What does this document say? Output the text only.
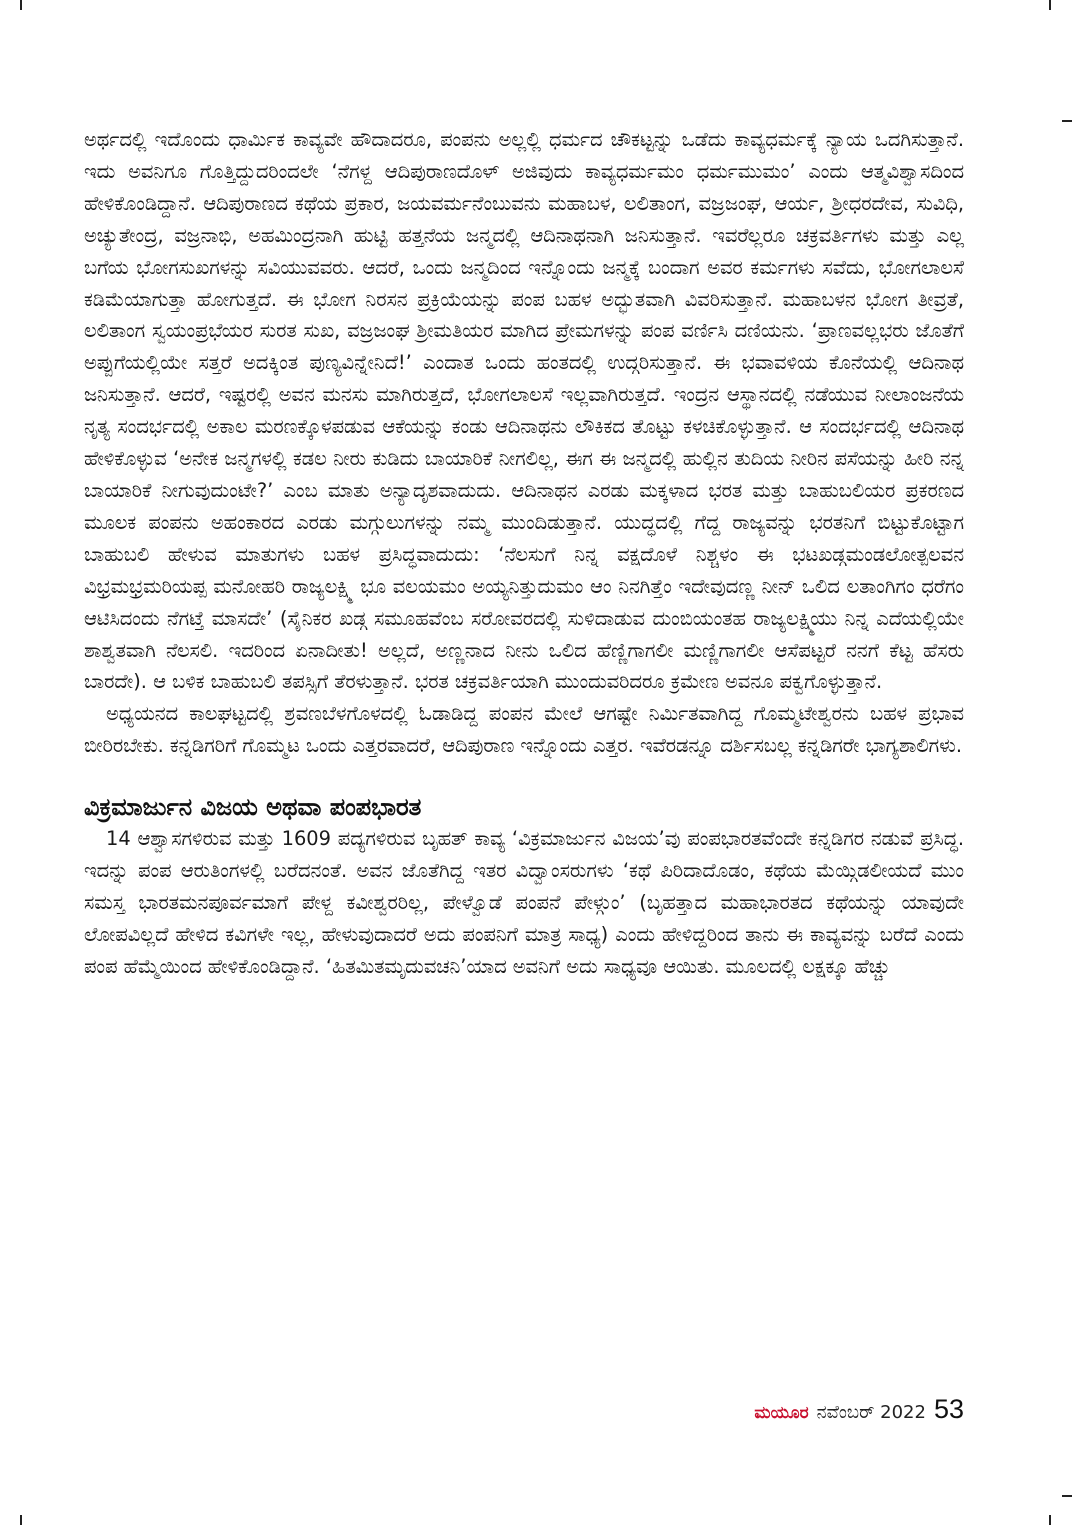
ಅರ್ಥದಲ್ಲಿ ಇದೊಂದು ಧಾರ್ಮಿಕ ಕಾವ್ಯವೇ ಹೌದಾದರೂ, ಪಂಪನು ಅಲ್ಲಲ್ಲಿ ಧರ್ಮದ ಚೌಕಟ್ಟನ್ನು ಒಡೆದು ಕಾವ್ಯಧರ್ಮಕ್ಕೆ ನ್ಯಾಯ ಒದಗಿಸುತ್ತಾನೆ. ಇದು ಅವನಿಗೂ ಗೊತ್ತಿದ್ದುದರಿಂದಲೇ ‘ನೆಗಳ್ದ ಆದಿಪುರಾಣದೊಳ್ ಅಜಿವುದು ಕಾವ್ಯಧರ್ಮಮಂ ಧರ್ಮಮುಮಂ’ ಎಂದು ಆತ್ಮವಿಶ್ವಾಸದಿಂದ ಹೇಳಿಕೊಂಡಿದ್ದಾನೆ. ಆದಿಪುರಾಣದ ಕಥೆಯ ಪ್ರಕಾರ, ಜಯವರ್ಮನೆಂಬುವನು ಮಹಾಬಳ, ಲಲಿತಾಂಗ, ವಜ್ರಜಂಘ, ಆರ್ಯ, ಶ್ರೀಧರದೇವ, ಸುವಿಧಿ, ಅಚ್ಯುತೇಂದ್ರ, ವಜ್ರನಾಭಿ, ಅಹಮಿಂದ್ರನಾಗಿ ಹುಟ್ಟಿ ಹತ್ತನೆಯ ಜನ್ಮದಲ್ಲಿ ಆದಿನಾಥನಾಗಿ ಜನಿಸುತ್ತಾನೆ. ಇವರೆಲ್ಲರೂ ಚಕ್ರವರ್ತಿಗಳು ಮತ್ತು ಎಲ್ಲ ಬಗೆಯ ಭೋಗಸುಖಗಳನ್ನು ಸವಿಯುವವರು. ಆದರೆ, ಒಂದು ಜನ್ಮದಿಂದ ಇನ್ನೊಂದು ಜನ್ಮಕ್ಕೆ ಬಂದಾಗ ಅವರ ಕರ್ಮಗಳು ಸವೆದು, ಭೋಗಲಾಲಸೆ ಕಡಿಮೆಯಾಗುತ್ತಾ ಹೋಗುತ್ತದೆ. ಈ ಭೋಗ ನಿರಸನ ಪ್ರಕ್ರಿಯೆಯನ್ನು ಪಂಪ ಬಹಳ ಅದ್ಭುತವಾಗಿ ವಿವರಿಸುತ್ತಾನೆ. ಮಹಾಬಳನ ಭೋಗ ತೀವ್ರತೆ, ಲಲಿತಾಂಗ ಸ್ವಯಂಪ್ರಭೆಯರ ಸುರತ ಸುಖ, ವಜ್ರಜಂಘ ಶ್ರೀಮತಿಯರ ಮಾಗಿದ ಪ್ರೇಮಗಳನ್ನು ಪಂಪ ವರ್ಣಿಸಿ ದಣಿಯನು. ‘ಪ್ರಾಣವಲ್ಲಭರು ಜೊತೆಗೆ ಅಪ್ಪುಗೆಯಲ್ಲಿಯೇ ಸತ್ತರೆ ಅದಕ್ಕಿಂತ ಪುಣ್ಯವಿನ್ನೇನಿದೆ!’ ಎಂದಾತ ಒಂದು ಹಂತದಲ್ಲಿ ಉದ್ಗರಿಸುತ್ತಾನೆ. ಈ ಭವಾವಳಿಯ ಕೊನೆಯಲ್ಲಿ ಆದಿನಾಥ ಜನಿಸುತ್ತಾನೆ. ಆದರೆ, ಇಷ್ಟರಲ್ಲಿ ಅವನ ಮನಸು ಮಾಗಿರುತ್ತದೆ, ಭೋಗಲಾಲಸೆ ಇಲ್ಲವಾಗಿರುತ್ತದೆ. ಇಂದ್ರನ ಆಸ್ಥಾನದಲ್ಲಿ ನಡೆಯುವ ನೀಲಾಂಜನೆಯ ನೃತ್ಯ ಸಂದರ್ಭದಲ್ಲಿ ಅಕಾಲ ಮರಣಕ್ಕೊಳಪಡುವ ಆಕೆಯನ್ನು ಕಂಡು ಆದಿನಾಥನು ಲೌಕಿಕದ ತೊಟ್ಟು ಕಳಚಿಕೊಳ್ಳುತ್ತಾನೆ. ಆ ಸಂದರ್ಭದಲ್ಲಿ ಆದಿನಾಥ ಹೇಳಿಕೊಳ್ಳುವ ‘ಅನೇಕ ಜನ್ಮಗಳಲ್ಲಿ ಕಡಲ ನೀರು ಕುಡಿದು ಬಾಯಾರಿಕೆ ನೀಗಲಿಲ್ಲ, ಈಗ ಈ ಜನ್ಮದಲ್ಲಿ ಹುಲ್ಲಿನ ತುದಿಯ ನೀರಿನ ಪಸೆಯನ್ನು ಹೀರಿ ನನ್ನ ಬಾಯಾರಿಕೆ ನೀಗುವುದುಂಟೇ?’ ಎಂಬ ಮಾತು ಅನ್ಯಾದೃಶವಾದುದು. ಆದಿನಾಥನ ಎರಡು ಮಕ್ಕಳಾದ ಭರತ ಮತ್ತು ಬಾಹುಬಲಿಯರ ಪ್ರಕರಣದ ಮೂಲಕ ಪಂಪನು ಅಹಂಕಾರದ ಎರಡು ಮಗ್ಗುಲುಗಳನ್ನು ನಮ್ಮ ಮುಂದಿಡುತ್ತಾನೆ. ಯುದ್ಧದಲ್ಲಿ ಗೆದ್ದ ರಾಜ್ಯವನ್ನು ಭರತನಿಗೆ ಬಿಟ್ಟುಕೊಟ್ಟಾಗ ಬಾಹುಬಲಿ ಹೇಳುವ ಮಾತುಗಳು ಬಹಳ ಪ್ರಸಿದ್ಧವಾದುದು: ‘ನೆಲಸುಗೆ ನಿನ್ನ ವಕ್ಷದೊಳೆ ನಿಶ್ಚಳಂ ಈ ಭಟಖಡ್ಗಮಂಡಲೋತ್ಪಲವನ ವಿಭ್ರಮಭ್ರಮರಿಯಪ್ಪ ಮನೋಹರಿ ರಾಜ್ಯಲಕ್ಷ್ಮಿ ಭೂ ವಲಯಮಂ ಅಯ್ಯನಿತ್ತುದುಮಂ ಆಂ ನಿನಗಿತ್ತೆಂ ಇದೇವುದಣ್ಣ ನೀನ್ ಒಲಿದ ಲತಾಂಗಿಗಂ ಧರೆಗಂ ಆಟಿಸಿದಂದು ನೆಗಟ್ತೆ ಮಾಸದೇ’ (ಸೈನಿಕರ ಖಡ್ಗ ಸಮೂಹವೆಂಬ ಸರೋವರದಲ್ಲಿ ಸುಳಿದಾಡುವ ದುಂಬಿಯಂತಹ ರಾಜ್ಯಲಕ್ಷ್ಮಿಯು ನಿನ್ನ ಎದೆಯಲ್ಲಿಯೇ ಶಾಶ್ವತವಾಗಿ ನೆಲಸಲಿ. ಇದರಿಂದ ಏನಾದೀತು! ಅಲ್ಲದೆ, ಅಣ್ಣನಾದ ನೀನು ಒಲಿದ ಹೆಣ್ಣಿಗಾಗಲೀ ಮಣ್ಣಿಗಾಗಲೀ ಆಸೆಪಟ್ಟರೆ ನನಗೆ ಕೆಟ್ಟ ಹೆಸರು ಬಾರದೇ). ಆ ಬಳಿಕ ಬಾಹುಬಲಿ ತಪಸ್ಸಿಗೆ ತೆರಳುತ್ತಾನೆ. ಭರತ ಚಕ್ರವರ್ತಿಯಾಗಿ ಮುಂದುವರಿದರೂ ಕ್ರಮೇಣ ಅವನೂ ಪಕ್ವಗೊಳ್ಳುತ್ತಾನೆ.

ಅಧ್ಯಯನದ ಕಾಲಘಟ್ಟದಲ್ಲಿ ಶ್ರವಣಬೆಳಗೊಳದಲ್ಲಿ ಓಡಾಡಿದ್ದ ಪಂಪನ ಮೇಲೆ ಆಗಷ್ಟೇ ನಿರ್ಮಿತವಾಗಿದ್ದ ಗೊಮ್ಮಟೇಶ್ವರನು ಬಹಳ ಪ್ರಭಾವ ಬೀರಿರಬೇಕು. ಕನ್ನಡಿಗರಿಗೆ ಗೊಮ್ಮಟ ಒಂದು ಎತ್ತರವಾದರೆ, ಆದಿಪುರಾಣ ಇನ್ನೊಂದು ಎತ್ತರ. ಇವೆರಡನ್ನೂ ದರ್ಶಿಸಬಲ್ಲ ಕನ್ನಡಿಗರೇ ಭಾಗ್ಯಶಾಲಿಗಳು.

ವಿಕ್ರಮಾರ್ಜುನ ವಿಜಯ ಅಥವಾ ಪಂಪಭಾರತ

14 ಆಶ್ವಾಸಗಳಿರುವ ಮತ್ತು 1609 ಪದ್ಯಗಳಿರುವ ಬೃಹತ್ ಕಾವ್ಯ ‘ವಿಕ್ರಮಾರ್ಜುನ ವಿಜಯ’ವು ಪಂಪಭಾರತವೆಂದೇ ಕನ್ನಡಿಗರ ನಡುವೆ ಪ್ರಸಿದ್ಧ. ಇದನ್ನು ಪಂಪ ಆರುತಿಂಗಳಲ್ಲಿ ಬರೆದನಂತೆ. ಅವನ ಜೊತೆಗಿದ್ದ ಇತರ ವಿದ್ವಾಂಸರುಗಳು ‘ಕಥೆ ಪಿರಿದಾದೊಡಂ, ಕಥೆಯ ಮೆಯ್ಗಿಡಲೀಯದೆ ಮುಂ ಸಮಸ್ತ ಭಾರತಮನಪೂರ್ವಮಾಗೆ ಪೇಳ್ದ ಕವೀಶ್ವರರಿಲ್ಲ, ಪೇಳ್ವೊಡೆ ಪಂಪನೆ ಪೇಳ್ಗುಂ’ (ಬೃಹತ್ತಾದ ಮಹಾಭಾರತದ ಕಥೆಯನ್ನು ಯಾವುದೇ ಲೋಪವಿಲ್ಲದೆ ಹೇಳಿದ ಕವಿಗಳೇ ಇಲ್ಲ, ಹೇಳುವುದಾದರೆ ಅದು ಪಂಪನಿಗೆ ಮಾತ್ರ ಸಾಧ್ಯ) ಎಂದು ಹೇಳಿದ್ದರಿಂದ ತಾನು ಈ ಕಾವ್ಯವನ್ನು ಬರೆದೆ ಎಂದು ಪಂಪ ಹೆಮ್ಮೆಯಿಂದ ಹೇಳಿಕೊಂಡಿದ್ದಾನೆ. ‘ಹಿತಮಿತಮೃದುವಚನಿ’ಯಾದ ಅವನಿಗೆ ಅದು ಸಾಧ್ಯವೂ ಆಯಿತು. ಮೂಲದಲ್ಲಿ ಲಕ್ಷಕ್ಕೂ ಹೆಚ್ಚು

ಮಯೂರ ನವೆಂಬರ್ 2022 53
